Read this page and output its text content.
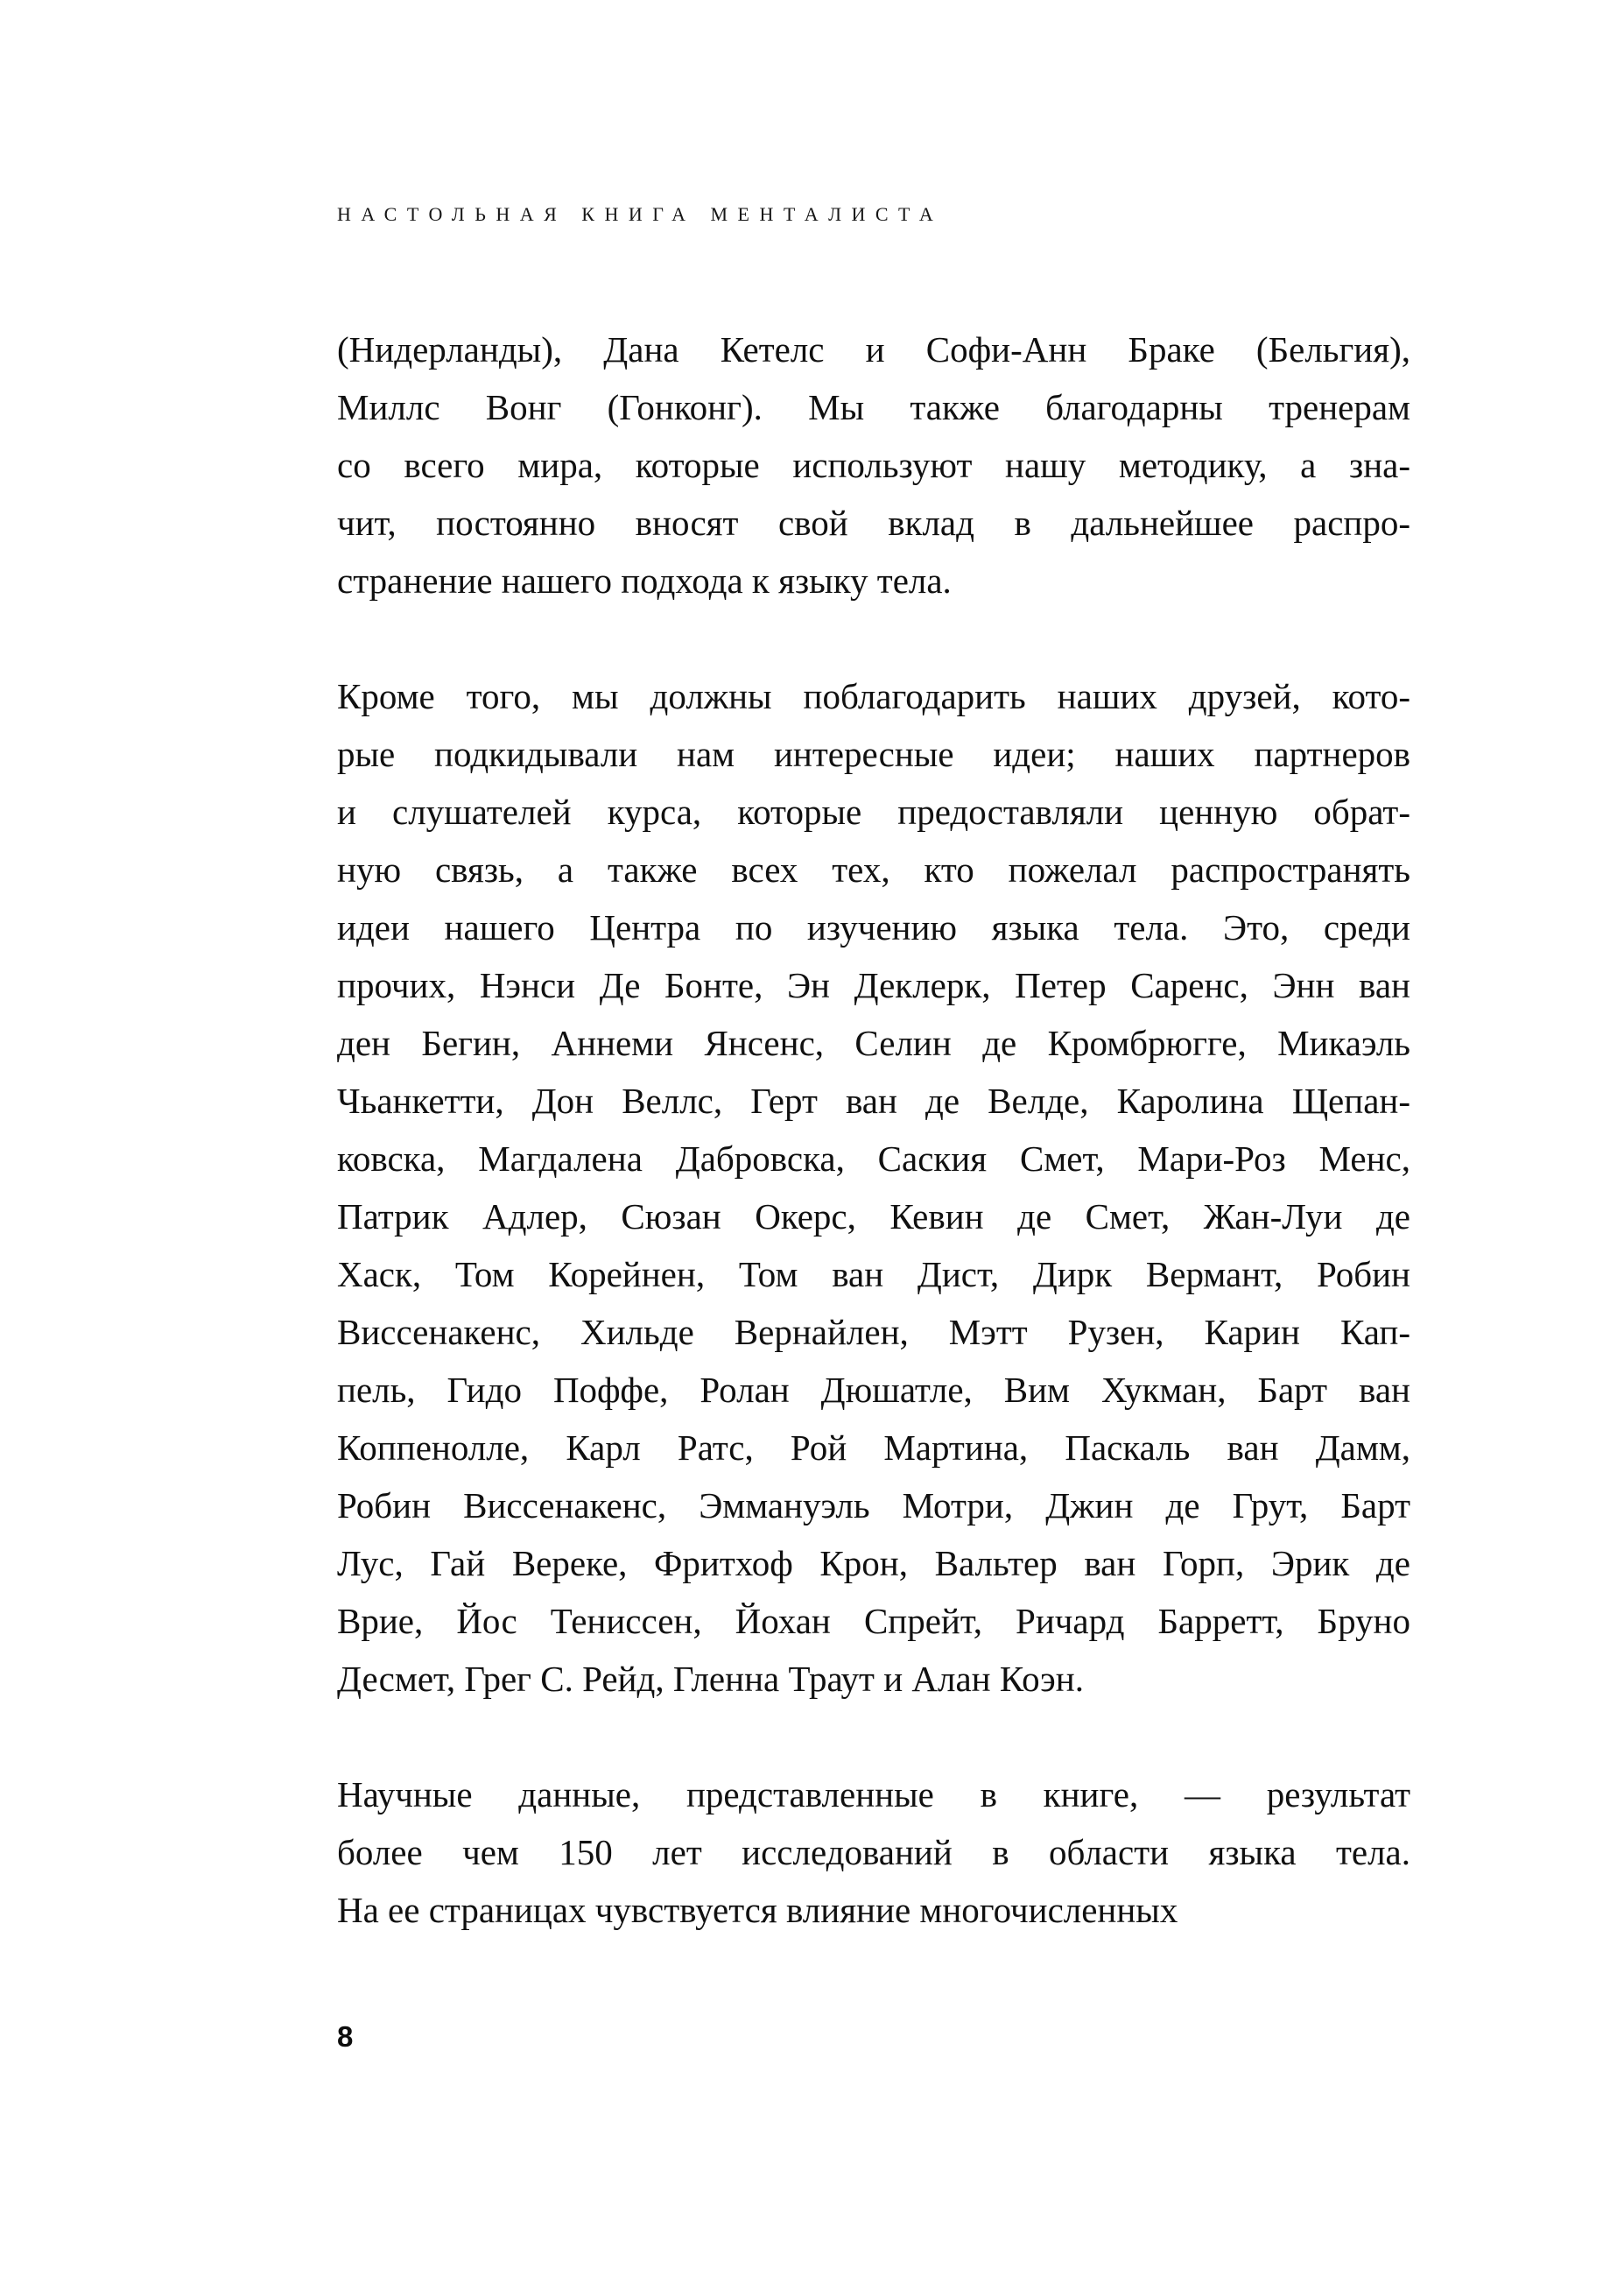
НАСТОЛЬНАЯ КНИГА МЕНТАЛИСТА
(Нидерланды), Дана Кетелс и Софи-Анн Браке (Бельгия),
Миллс Вонг (Гонконг). Мы также благодарны тренерам
со всего мира, которые используют нашу методику, а зна-
чит, постоянно вносят свой вклад в дальнейшее распро-
странение нашего подхода к языку тела.
Кроме того, мы должны поблагодарить наших друзей, кото-
рые подкидывали нам интересные идеи; наших партнеров
и слушателей курса, которые предоставляли ценную обрат-
ную связь, а также всех тех, кто пожелал распространять
идеи нашего Центра по изучению языка тела. Это, среди
прочих, Нэнси Де Бонте, Эн Деклерк, Петер Саренс, Энн ван
ден Бегин, Аннеми Янсенс, Селин де Кромбрюгге, Микаэль
Чьанкетти, Дон Веллс, Герт ван де Велде, Каролина Щепан-
ковска, Магдалена Дабровска, Саския Смет, Мари-Роз Менс,
Патрик Адлер, Сюзан Окерс, Кевин де Смет, Жан-Луи де
Хаск, Том Корейнен, Том ван Дист, Дирк Вермант, Робин
Виссенакенс, Хильде Вернайлен, Мэтт Рузен, Карин Кап-
пель, Гидо Поффе, Ролан Дюшатле, Вим Хукман, Барт ван
Коппенолле, Карл Ратс, Рой Мартина, Паскаль ван Дамм,
Робин Виссенакенс, Эммануэль Мотри, Джин де Грут, Барт
Лус, Гай Вереке, Фритхоф Крон, Вальтер ван Горп, Эрик де
Врие, Йос Тениссен, Йохан Спрейт, Ричард Барретт, Бруно
Десмет, Грег С. Рейд, Гленна Траут и Алан Коэн.
Научные данные, представленные в книге, — результат
более чем 150 лет исследований в области языка тела.
На ее страницах чувствуется влияние многочисленных
8
